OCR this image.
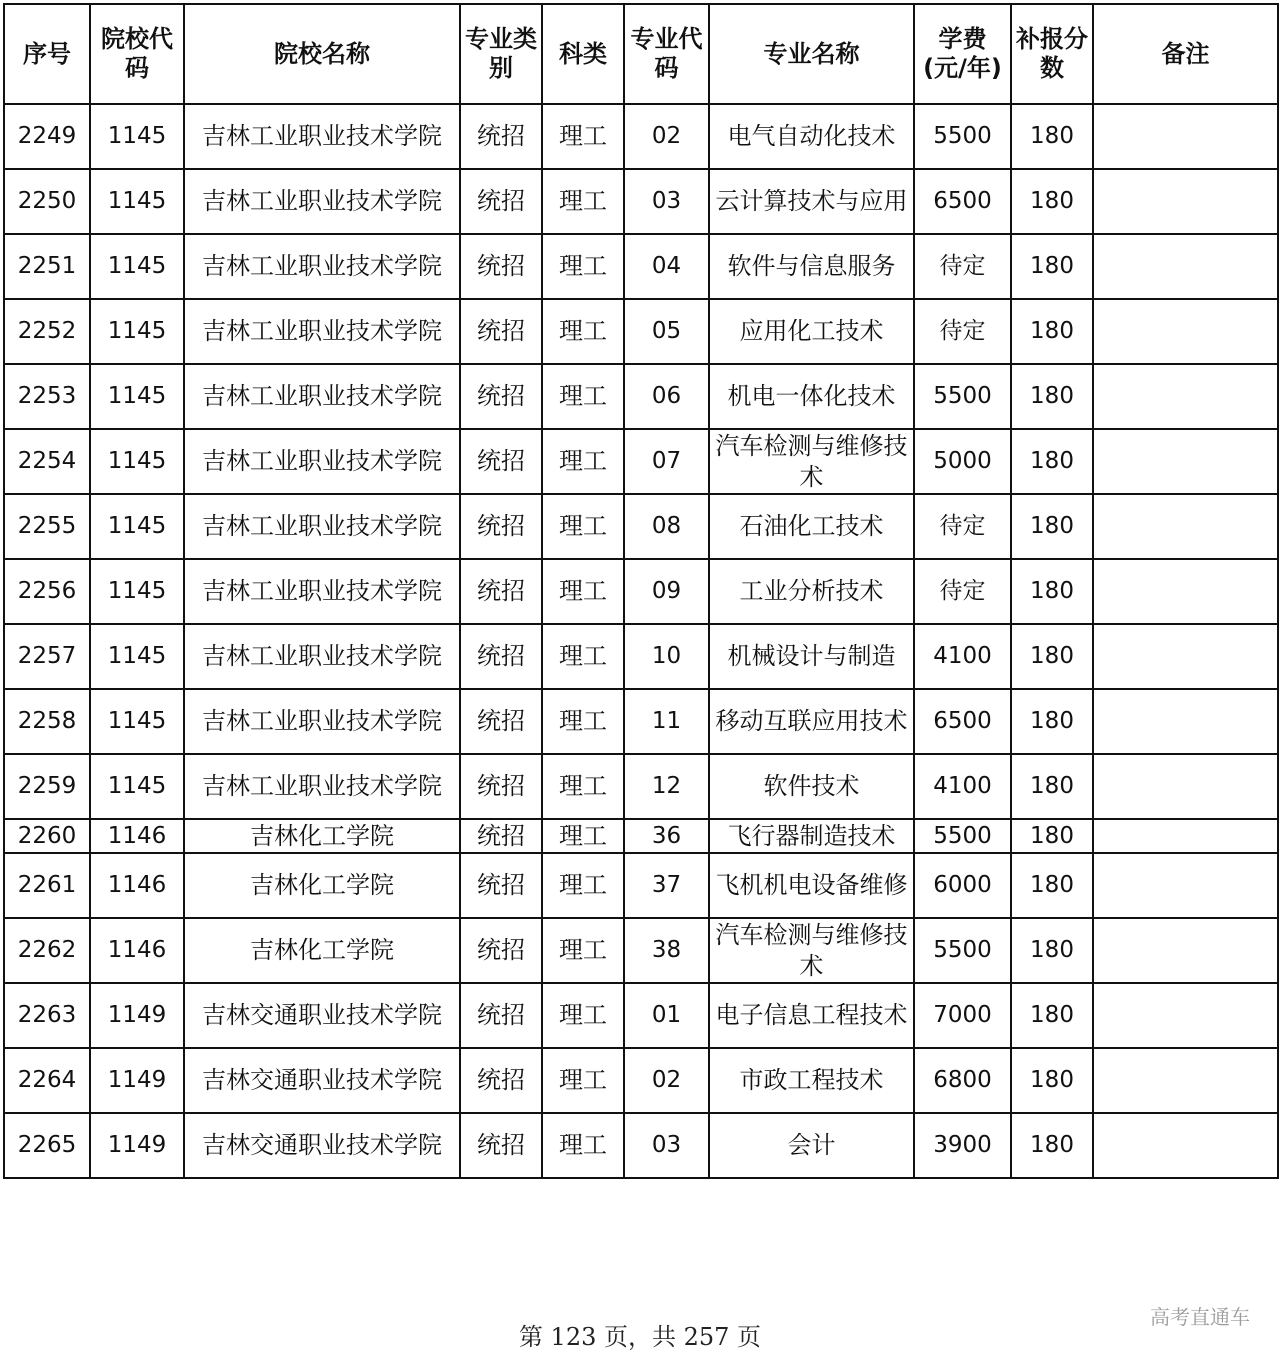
序号	院校代码	院校名称	专业类别	科类	专业代码	专业名称	学费(元/年)	补报分数	备注
2249	1145	吉林工业职业技术学院	统招	理工	02	电气自动化技术	5500	180	
2250	1145	吉林工业职业技术学院	统招	理工	03	云计算技术与应用	6500	180	
2251	1145	吉林工业职业技术学院	统招	理工	04	软件与信息服务	待定	180	
2252	1145	吉林工业职业技术学院	统招	理工	05	应用化工技术	待定	180	
2253	1145	吉林工业职业技术学院	统招	理工	06	机电一体化技术	5500	180	
2254	1145	吉林工业职业技术学院	统招	理工	07	汽车检测与维修技术	5000	180	
2255	1145	吉林工业职业技术学院	统招	理工	08	石油化工技术	待定	180	
2256	1145	吉林工业职业技术学院	统招	理工	09	工业分析技术	待定	180	
2257	1145	吉林工业职业技术学院	统招	理工	10	机械设计与制造	4100	180	
2258	1145	吉林工业职业技术学院	统招	理工	11	移动互联应用技术	6500	180	
2259	1145	吉林工业职业技术学院	统招	理工	12	软件技术	4100	180	
2260	1146	吉林化工学院	统招	理工	36	飞行器制造技术	5500	180	
2261	1146	吉林化工学院	统招	理工	37	飞机机电设备维修	6000	180	
2262	1146	吉林化工学院	统招	理工	38	汽车检测与维修技术	5500	180	
2263	1149	吉林交通职业技术学院	统招	理工	01	电子信息工程技术	7000	180	
2264	1149	吉林交通职业技术学院	统招	理工	02	市政工程技术	6800	180	
2265	1149	吉林交通职业技术学院	统招	理工	03	会计	3900	180	
第 123 页，共 257 页
高考直通车
